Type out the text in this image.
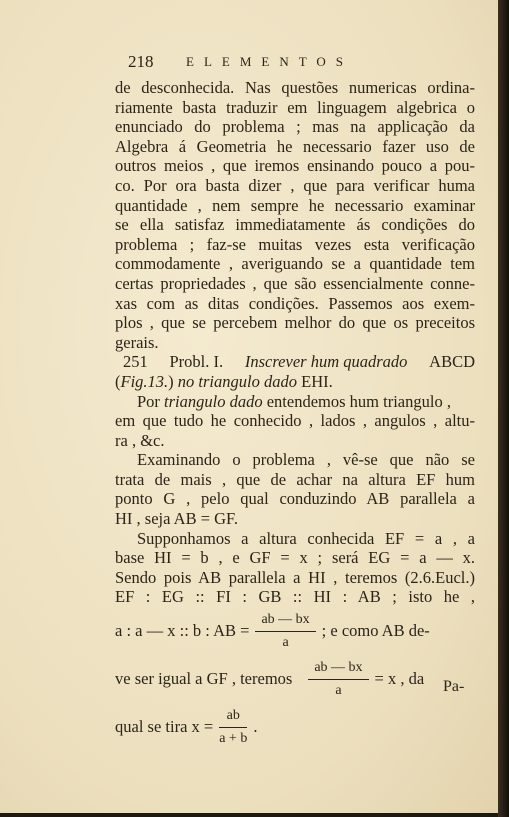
218	ELEMENTOS
de desconhecida. Nas questões numericas ordina-
riamente basta traduzir em linguagem algebrica o
enunciado do problema ; mas na applicação da
Algebra á Geometria he necessario fazer uso de
outros meios , que iremos ensinando pouco a pou-
co. Por ora basta dizer , que para verificar huma
quantidade , nem sempre he necessario examinar
se ella satisfaz immediatamente ás condições do
problema ; faz-se muitas vezes esta verificação
commodamente , averiguando se a quantidade tem
certas propriedades , que são essencialmente conne-
xas com as ditas condições. Passemos aos exem-
plos , que se percebem melhor do que os preceitos
gerais.
251 Probl. I. Inscrever hum quadrado ABCD
(Fig.13.) no triangulo dado EHI.
Por triangulo dado entendemos hum triangulo ,
em que tudo he conhecido , lados , angulos , altu-
ra , &c.
Examinando o problema , vê-se que não se
trata de mais , que de achar na altura EF hum
ponto G , pelo qual conduzindo AB parallela a
HI , seja AB = GF.
Supponhamos a altura conhecida EF = a , a
base HI = b , e GF = x ; será EG = a — x.
Sendo pois AB parallela a HI , teremos (2.6.Eucl.)
EF : EG :: FI : GB :: HI : AB ; isto he ,
a : a — x :: b : AB = $\frac{ab — bx}{a}$ ; e como AB de-
ve ser igual a GF , teremos $\frac{ab — bx}{a} = x$ , da
qual se tira $x = \frac{ab}{a + b}$ .
Pa-
